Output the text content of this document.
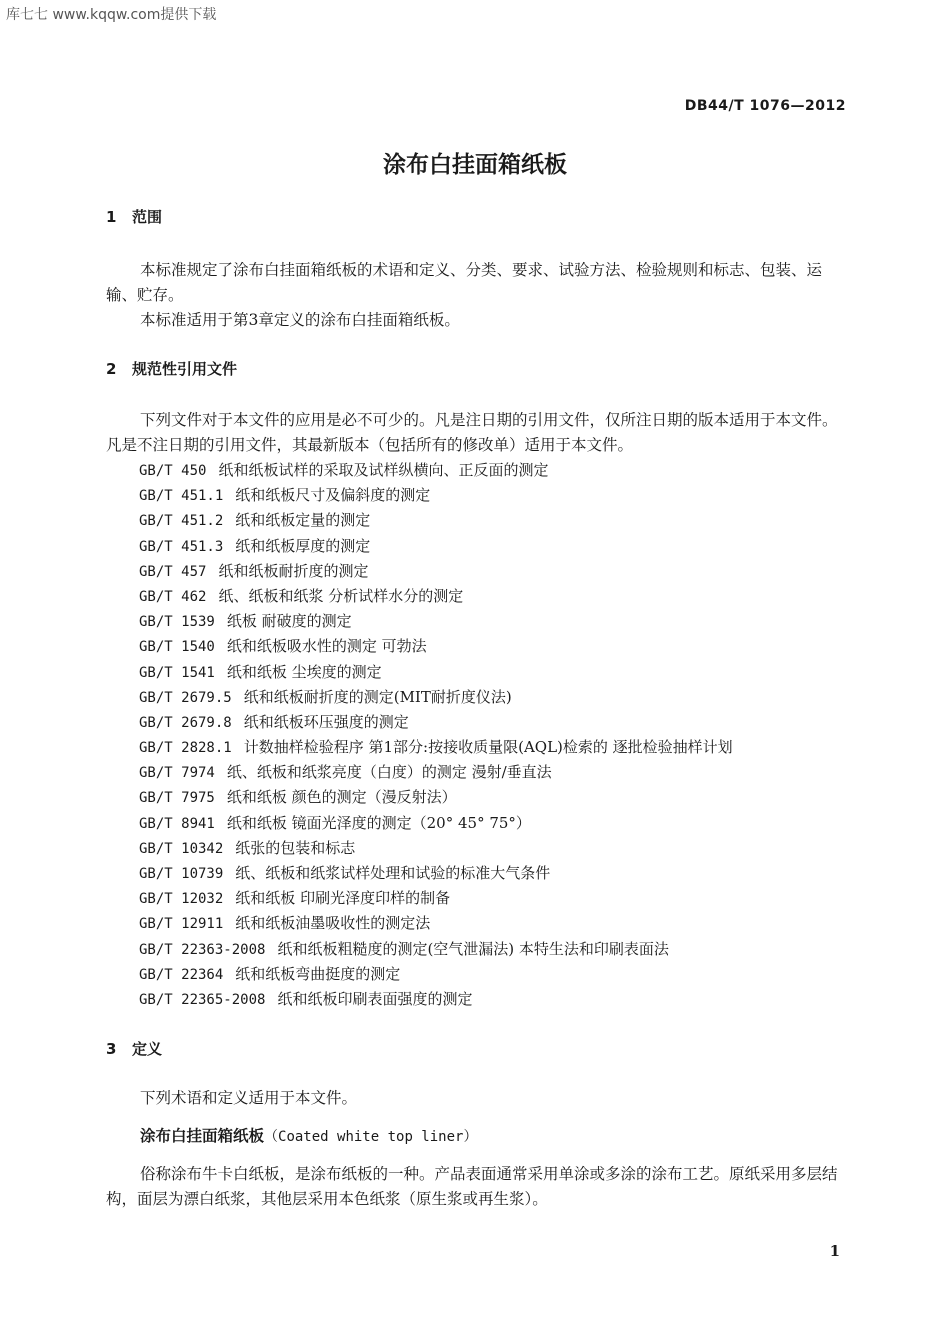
库七七 www.kqqw.com提供下载
DB44/T 1076—2012
涂布白挂面箱纸板
1 范围
本标准规定了涂布白挂面箱纸板的术语和定义、分类、要求、试验方法、检验规则和标志、包装、运输、贮存。
本标准适用于第3章定义的涂布白挂面箱纸板。
2 规范性引用文件
下列文件对于本文件的应用是必不可少的。凡是注日期的引用文件，仅所注日期的版本适用于本文件。凡是不注日期的引用文件，其最新版本（包括所有的修改单）适用于本文件。
GB/T 450 纸和纸板试样的采取及试样纵横向、正反面的测定
GB/T 451.1 纸和纸板尺寸及偏斜度的测定
GB/T 451.2 纸和纸板定量的测定
GB/T 451.3 纸和纸板厚度的测定
GB/T 457 纸和纸板耐折度的测定
GB/T 462 纸、纸板和纸浆 分析试样水分的测定
GB/T 1539 纸板 耐破度的测定
GB/T 1540 纸和纸板吸水性的测定 可勃法
GB/T 1541 纸和纸板 尘埃度的测定
GB/T 2679.5 纸和纸板耐折度的测定(MIT耐折度仪法)
GB/T 2679.8 纸和纸板环压强度的测定
GB/T 2828.1 计数抽样检验程序 第1部分:按接收质量限(AQL)检索的 逐批检验抽样计划
GB/T 7974 纸、纸板和纸浆亮度（白度）的测定 漫射/垂直法
GB/T 7975 纸和纸板 颜色的测定（漫反射法）
GB/T 8941 纸和纸板 镜面光泽度的测定（20° 45° 75°）
GB/T 10342 纸张的包装和标志
GB/T 10739 纸、纸板和纸浆试样处理和试验的标准大气条件
GB/T 12032 纸和纸板 印刷光泽度印样的制备
GB/T 12911 纸和纸板油墨吸收性的测定法
GB/T 22363-2008 纸和纸板粗糙度的测定(空气泄漏法) 本特生法和印刷表面法
GB/T 22364 纸和纸板弯曲挺度的测定
GB/T 22365-2008 纸和纸板印刷表面强度的测定
3 定义
下列术语和定义适用于本文件。
涂布白挂面箱纸板（Coated white top liner）
俗称涂布牛卡白纸板，是涂布纸板的一种。产品表面通常采用单涂或多涂的涂布工艺。原纸采用多层结构，面层为漂白纸浆，其他层采用本色纸浆（原生浆或再生浆）。
1
